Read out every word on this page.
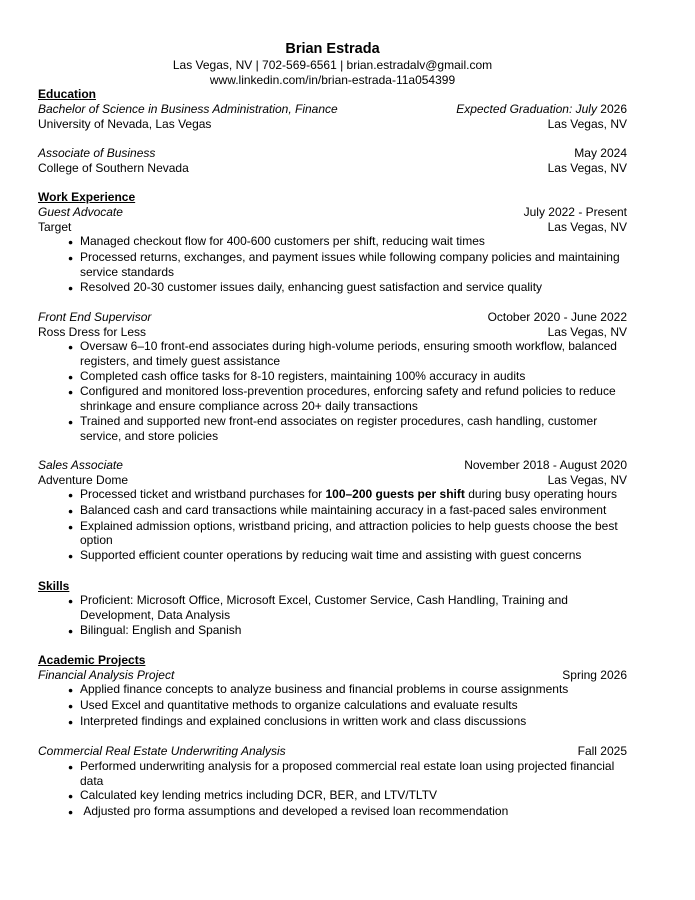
Brian Estrada
Las Vegas, NV | 702-569-6561 | brian.estradalv@gmail.com
www.linkedin.com/in/brian-estrada-11a054399
Education
Bachelor of Science in Business Administration, Finance	Expected Graduation: July 2026
University of Nevada, Las Vegas	Las Vegas, NV
Associate of Business	May 2024
College of Southern Nevada	Las Vegas, NV
Work Experience
Guest Advocate	July 2022 - Present
Target	Las Vegas, NV
●
Managed checkout flow for 400-600 customers per shift, reducing wait times
●
Processed returns, exchanges, and payment issues while following company policies and maintaining service standards
●
Resolved 20-30 customer issues daily, enhancing guest satisfaction and service quality
Front End Supervisor	October 2020 - June 2022
Ross Dress for Less	Las Vegas, NV
●
Oversaw 6–10 front-end associates during high-volume periods, ensuring smooth workflow, balanced registers, and timely guest assistance
●
Completed cash office tasks for 8-10 registers, maintaining 100% accuracy in audits
●
Configured and monitored loss-prevention procedures, enforcing safety and refund policies to reduce shrinkage and ensure compliance across 20+ daily transactions
●
Trained and supported new front-end associates on register procedures, cash handling, customer service, and store policies
Sales Associate	November 2018 - August 2020
Adventure Dome	Las Vegas, NV
●
Processed ticket and wristband purchases for 100–200 guests per shift during busy operating hours
●
Balanced cash and card transactions while maintaining accuracy in a fast-paced sales environment
●
Explained admission options, wristband pricing, and attraction policies to help guests choose the best option
●
Supported efficient counter operations by reducing wait time and assisting with guest concerns
Skills
●
Proficient: Microsoft Office, Microsoft Excel, Customer Service, Cash Handling, Training and Development, Data Analysis
●
Bilingual: English and Spanish
Academic Projects
Financial Analysis Project	Spring 2026
●
Applied finance concepts to analyze business and financial problems in course assignments
●
Used Excel and quantitative methods to organize calculations and evaluate results
●
Interpreted findings and explained conclusions in written work and class discussions
Commercial Real Estate Underwriting Analysis	Fall 2025
●
Performed underwriting analysis for a proposed commercial real estate loan using projected financial data
●
Calculated key lending metrics including DCR, BER, and LTV/TLTV
●
Adjusted pro forma assumptions and developed a revised loan recommendation
